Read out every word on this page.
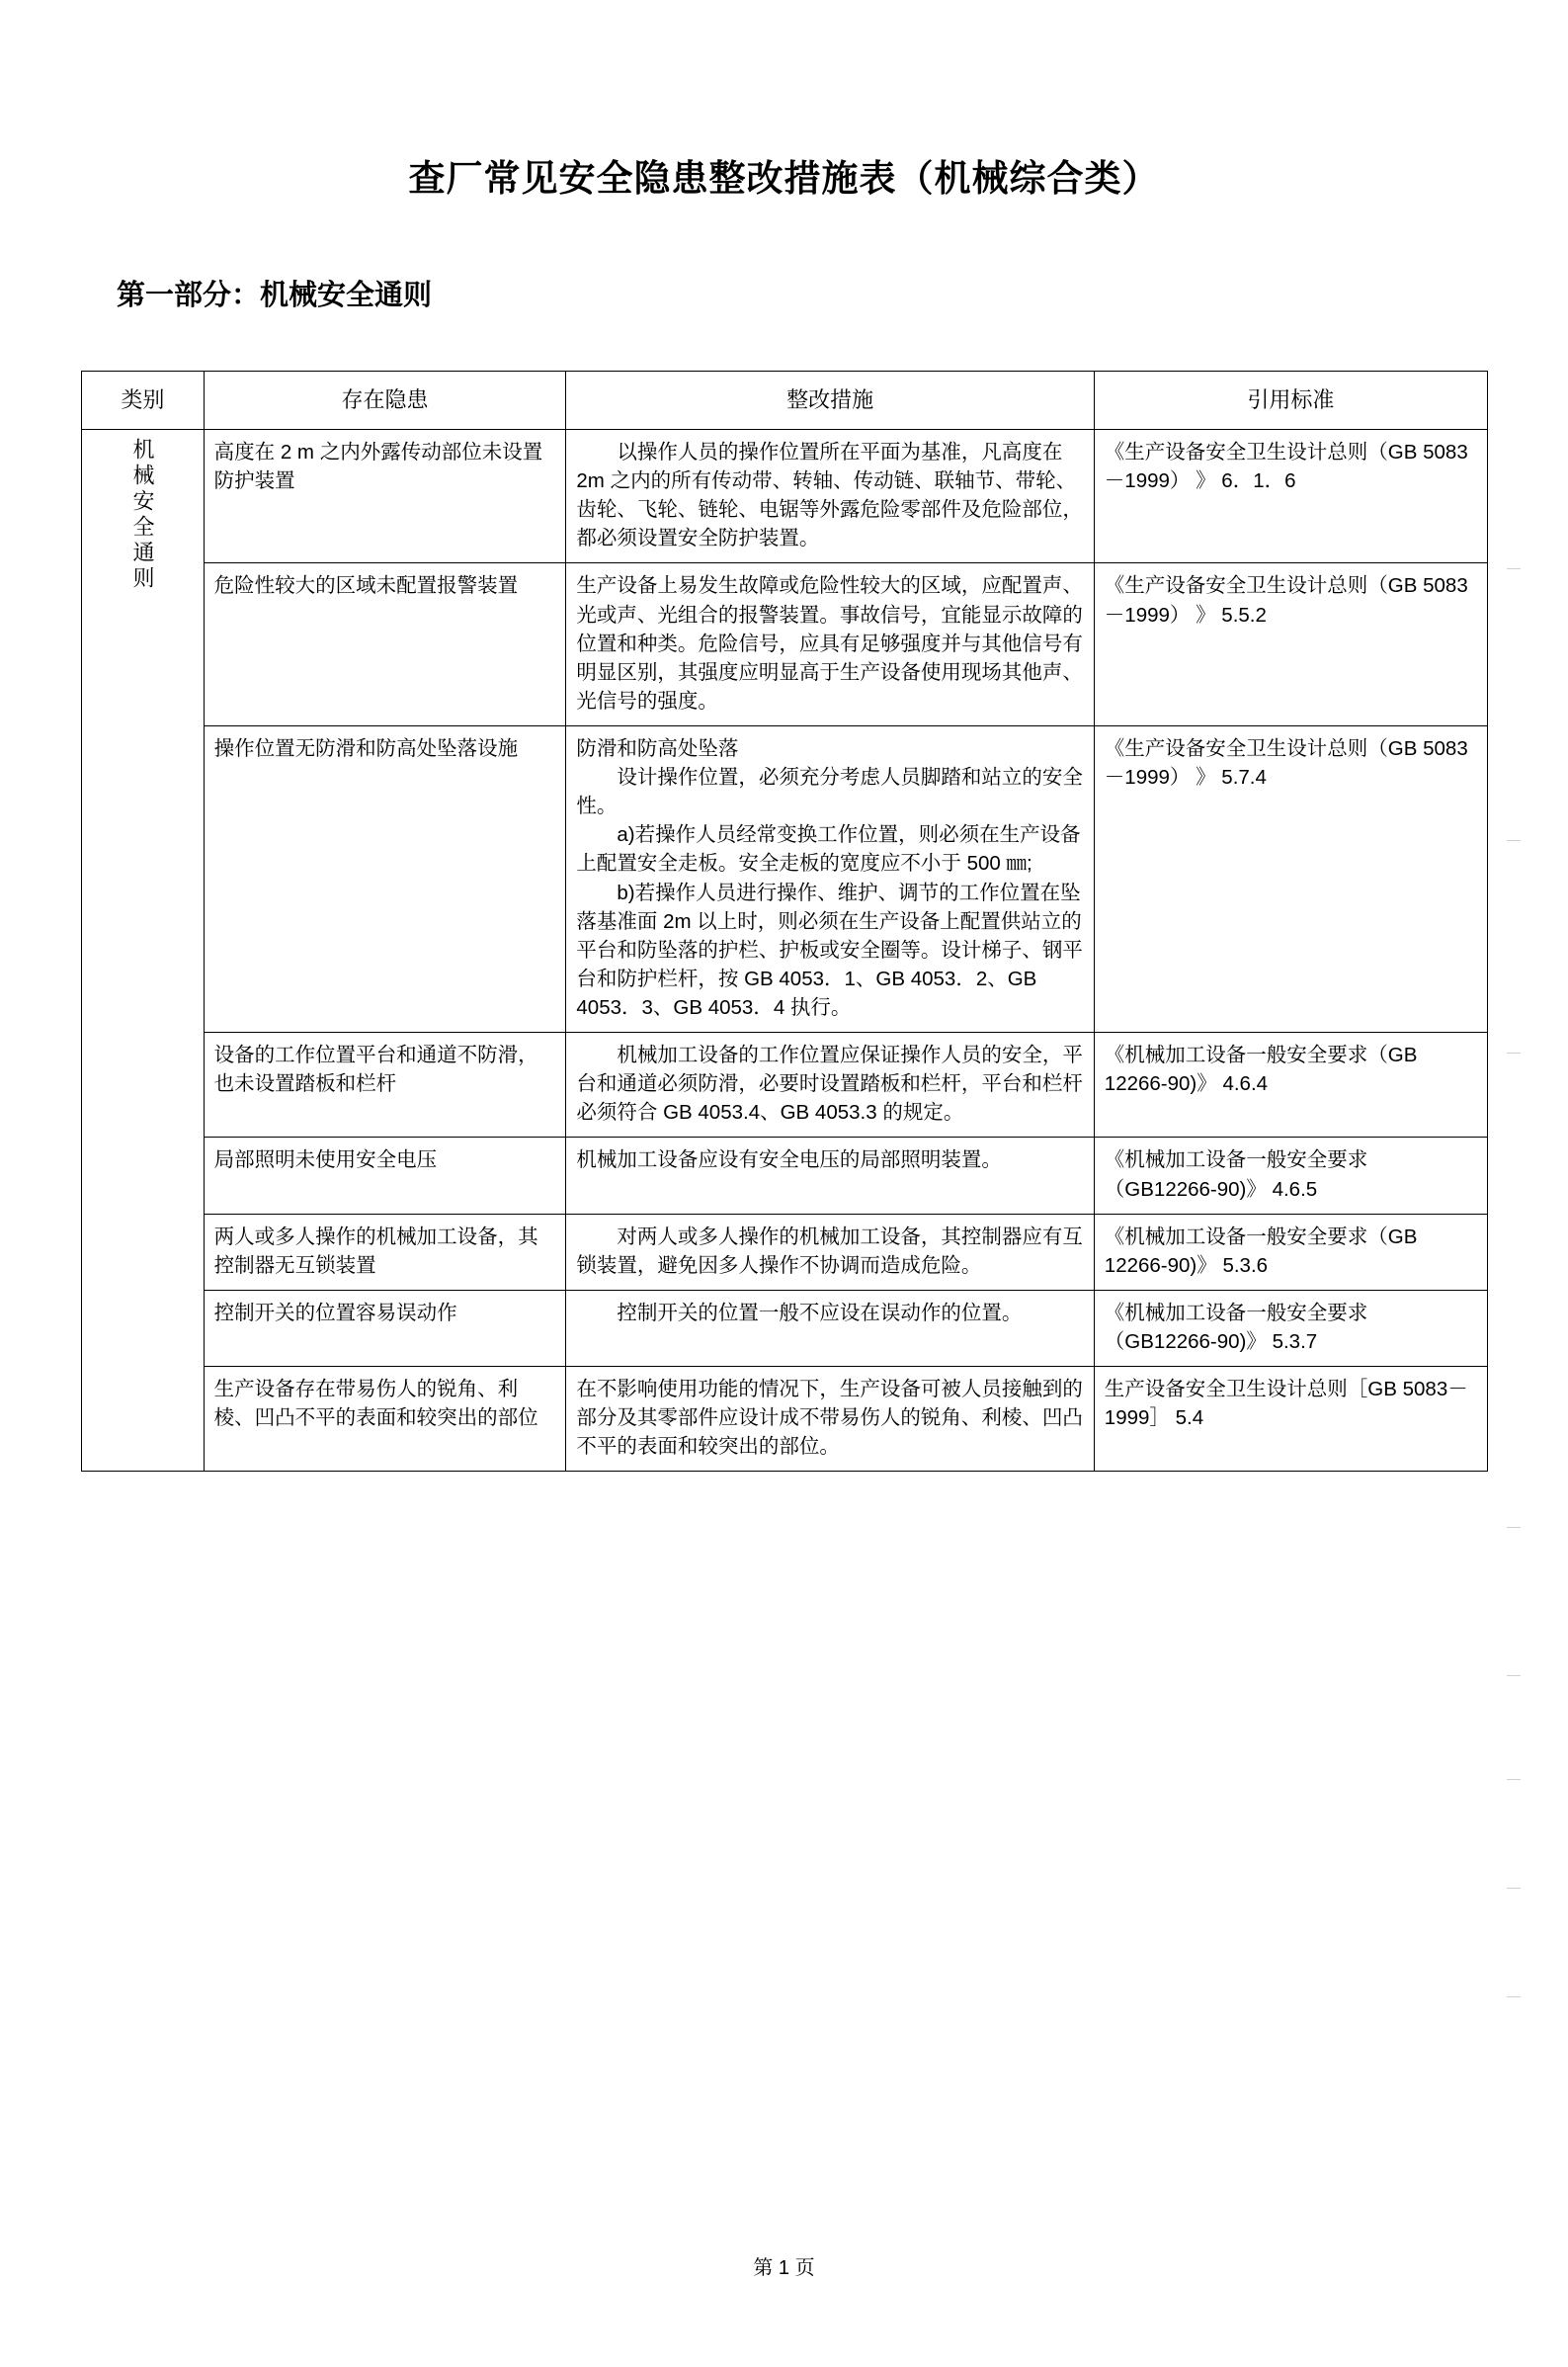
查厂常见安全隐患整改措施表（机械综合类）
第一部分：机械安全通则
类别	存在隐患	整改措施	引用标准
机械安全通则	高度在 2 m 之内外露传动部位未设置防护装置	以操作人员的操作位置所在平面为基准，凡高度在 2m 之内的所有传动带、转轴、传动链、联轴节、带轮、齿轮、飞轮、链轮、电锯等外露危险零部件及危险部位，都必须设置安全防护装置。	《生产设备安全卫生设计总则（GB 5083－1999） 》 6．1．6
	危险性较大的区域未配置报警装置	生产设备上易发生故障或危险性较大的区域，应配置声、光或声、光组合的报警装置。事故信号，宜能显示故障的位置和种类。危险信号，应具有足够强度并与其他信号有明显区别，其强度应明显高于生产设备使用现场其他声、光信号的强度。	《生产设备安全卫生设计总则（GB 5083－1999） 》 5.5.2
	操作位置无防滑和防高处坠落设施	防滑和防高处坠落
设计操作位置，必须充分考虑人员脚踏和站立的安全性。
a)若操作人员经常变换工作位置，则必须在生产设备上配置安全走板。安全走板的宽度应不小于 500 ㎜;
b)若操作人员进行操作、维护、调节的工作位置在坠落基准面 2m 以上时，则必须在生产设备上配置供站立的平台和防坠落的护栏、护板或安全圈等。设计梯子、钢平台和防护栏杆，按 GB 4053．1、GB 4053．2、GB 4053．3、GB 4053．4 执行。	《生产设备安全卫生设计总则（GB 5083－1999） 》 5.7.4
	设备的工作位置平台和通道不防滑，也未设置踏板和栏杆	机械加工设备的工作位置应保证操作人员的安全，平台和通道必须防滑，必要时设置踏板和栏杆，平台和栏杆必须符合 GB 4053.4、GB 4053.3 的规定。	《机械加工设备一般安全要求（GB 12266-90)》 4.6.4
	局部照明未使用安全电压	机械加工设备应设有安全电压的局部照明装置。	《机械加工设备一般安全要求（GB12266-90)》 4.6.5
	两人或多人操作的机械加工设备，其控制器无互锁装置	对两人或多人操作的机械加工设备，其控制器应有互锁装置，避免因多人操作不协调而造成危险。	《机械加工设备一般安全要求（GB 12266-90)》 5.3.6
	控制开关的位置容易误动作	控制开关的位置一般不应设在误动作的位置。	《机械加工设备一般安全要求（GB12266-90)》 5.3.7
	生产设备存在带易伤人的锐角、利棱、凹凸不平的表面和较突出的部位	在不影响使用功能的情况下，生产设备可被人员接触到的部分及其零部件应设计成不带易伤人的锐角、利棱、凹凸不平的表面和较突出的部位。	生产设备安全卫生设计总则［GB 5083－1999］ 5.4
第 1 页
